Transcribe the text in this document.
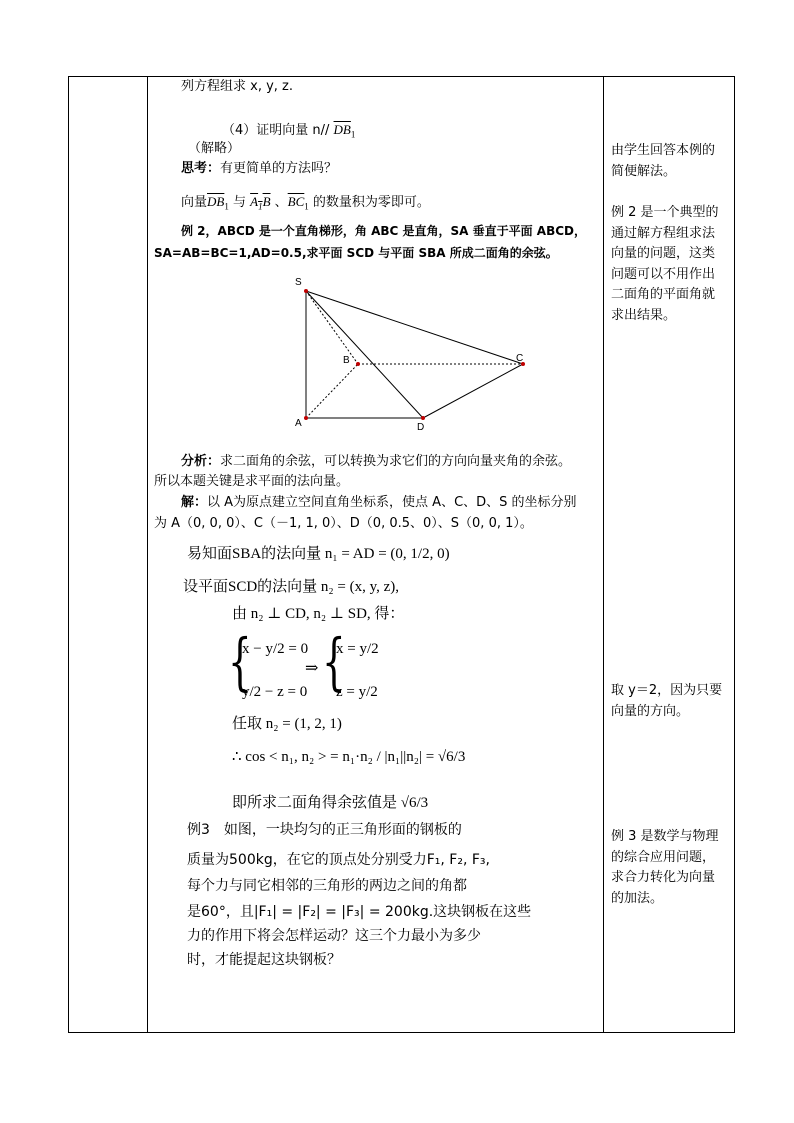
列方程组求 x, y, z.
（4）证明向量 n// $\overline{DB}_1$
（解略）
思考：有更简单的方法吗？
向量$\overline{DB}_1$ 与 $A_1B$ 、$\overline{BC}_1$ 的数量积为零即可。
例 2，ABCD 是一个直角梯形，角 ABC 是直角，SA 垂直于平面 ABCD，
SA=AB=BC=1,AD=0.5,求平面 SCD 与平面 SBA 所成二面角的余弦。
S
B	C
A	D
分析：求二面角的余弦，可以转换为求它们的方向向量夹角的余弦。
所以本题关键是求平面的法向量。
解：以 A为原点建立空间直角坐标系，使点 A、C、D、S 的坐标分别
为 A（0, 0, 0）、C（－1, 1, 0）、D（0, 0.5、0）、S（0, 0, 1）。
易知面SBA的法向量 n₁ = AD = (0, 1/2, 0)
设平面SCD的法向量 n₂ = (x, y, z),
由 n₂ ⊥ CD, n₂ ⊥ SD, 得：
{
x − y/2 = 0
y/2 − z = 0
⇒ {
x = y/2
z = y/2
任取 n₂ = (1, 2, 1)
∴ cos < n₁, n₂ > = n₁·n₂ / |n₁||n₂| = √6/3
即所求二面角得余弦值是 √6/3
例3　如图，一块均匀的正三角形面的钢板的
质量为500kg，在它的顶点处分别受力F₁, F₂, F₃,
每个力与同它相邻的三角形的两边之间的角都
是60°，且|F₁| = |F₂| = |F₃| = 200kg.这块钢板在这些
力的作用下将会怎样运动？这三个力最小为多少
时，才能提起这块钢板？
由学生回答本例的
简便解法。
例 2 是一个典型的
通过解方程组求法
向量的问题，这类
问题可以不用作出
二面角的平面角就
求出结果。
取 y＝2，因为只要
向量的方向。
例 3 是数学与物理
的综合应用问题，
求合力转化为向量
的加法。
